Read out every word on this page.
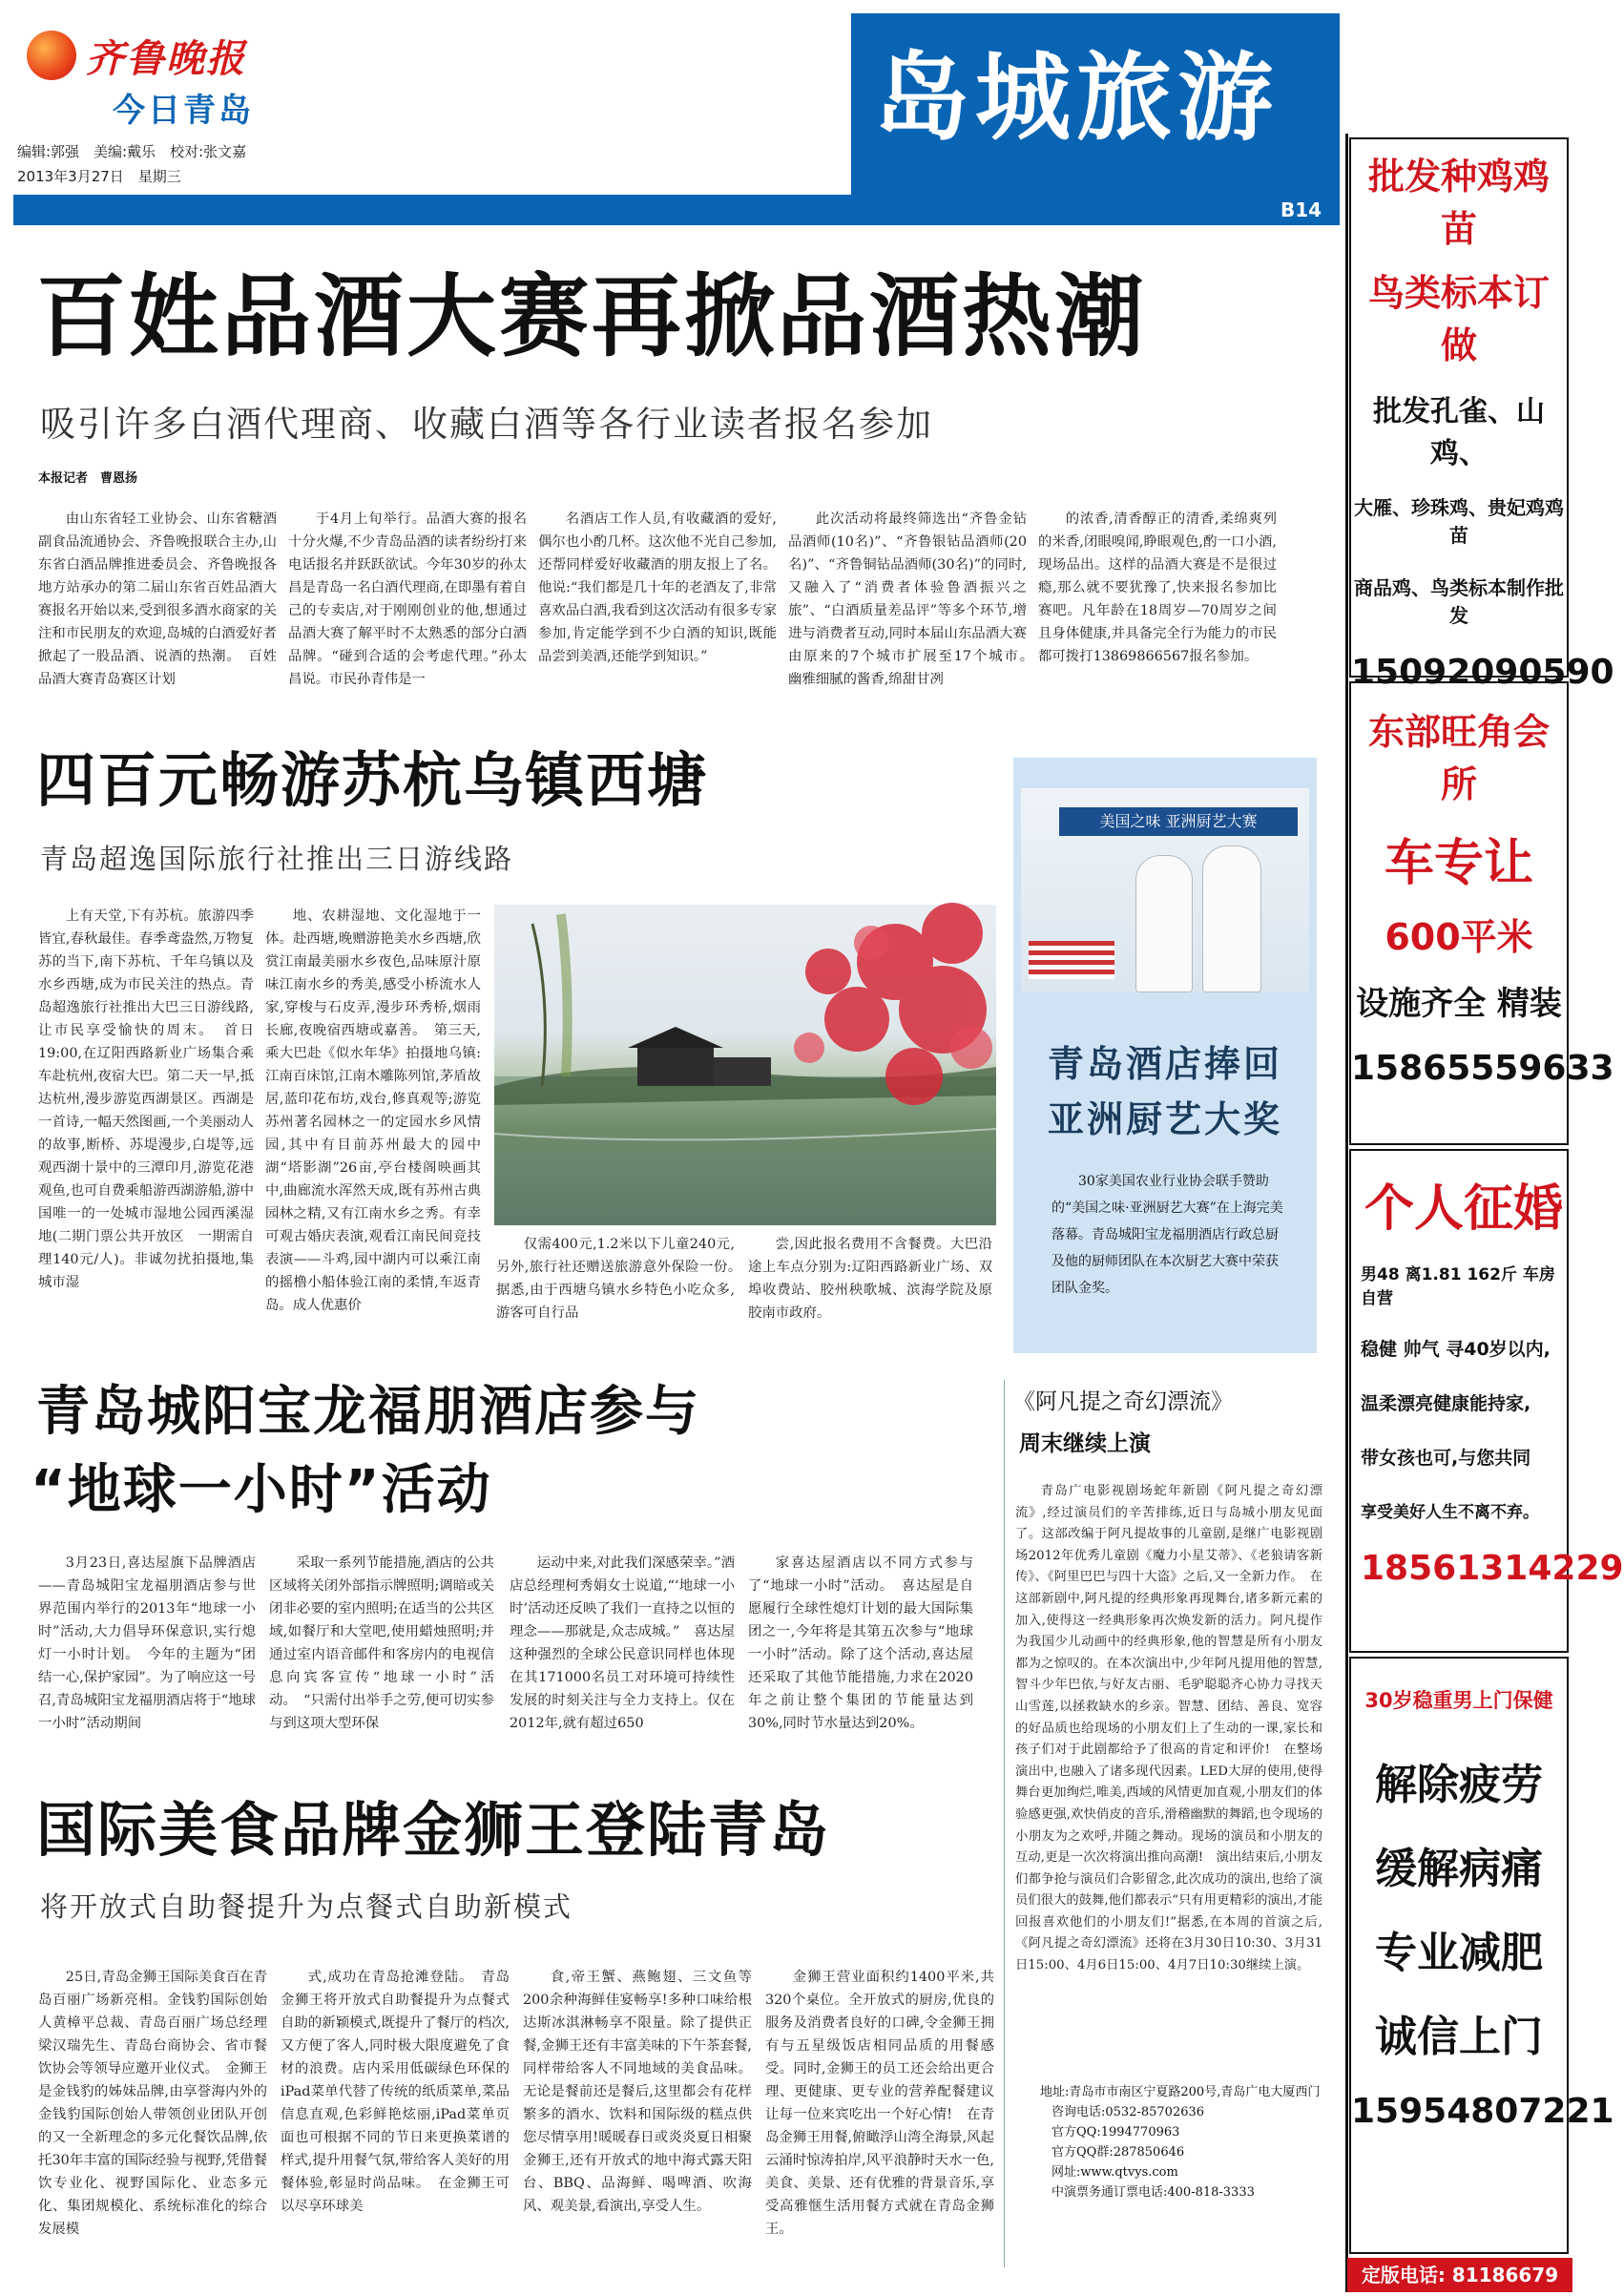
齐鲁晚报
今日青岛
编辑:郭强　美编:戴乐　校对:张文嘉
2013年3月27日　星期三
岛城旅游
B14
百姓品酒大赛再掀品酒热潮
吸引许多白酒代理商、收藏白酒等各行业读者报名参加
本报记者　曹恩扬
由山东省轻工业协会、山东省糖酒副食品流通协会、齐鲁晚报联合主办,山东省白酒品牌推进委员会、齐鲁晚报各地方站承办的第二届山东省百姓品酒大赛报名开始以来,受到很多酒水商家的关注和市民朋友的欢迎,岛城的白酒爱好者掀起了一股品酒、说酒的热潮。　百姓品酒大赛青岛赛区计划
于4月上旬举行。品酒大赛的报名十分火爆,不少青岛品酒的读者纷纷打来电话报名并跃跃欲试。今年30岁的孙太昌是青岛一名白酒代理商,在即墨有着自己的专卖店,对于刚刚创业的他,想通过品酒大赛了解平时不太熟悉的部分白酒品牌。“碰到合适的会考虑代理。”孙太昌说。市民孙青伟是一
名酒店工作人员,有收藏酒的爱好,偶尔也小酌几杯。这次他不光自己参加,还帮同样爱好收藏酒的朋友报上了名。他说:“我们都是几十年的老酒友了,非常喜欢品白酒,我看到这次活动有很多专家参加,肯定能学到不少白酒的知识,既能品尝到美酒,还能学到知识。”
此次活动将最终筛选出“齐鲁金钻品酒师(10名)”、“齐鲁银钻品酒师(20名)”、“齐鲁铜钻品酒师(30名)”的同时,又融入了“消费者体验鲁酒振兴之旅”、“白酒质量差品评”等多个环节,增进与消费者互动,同时本届山东品酒大赛由原来的7个城市扩展至17个城市。　幽雅细腻的酱香,绵甜甘冽
的浓香,清香醇正的清香,柔绵爽列的米香,闭眼嗅闻,睁眼观色,酌一口小酒,现场品出。这样的品酒大赛是不是很过瘾,那么就不要犹豫了,快来报名参加比赛吧。凡年龄在18周岁—70周岁之间且身体健康,并具备完全行为能力的市民都可拨打13869866567报名参加。
四百元畅游苏杭乌镇西塘
青岛超逸国际旅行社推出三日游线路
上有天堂,下有苏杭。旅游四季皆宜,春秋最佳。春季鸢盎然,万物复苏的当下,南下苏杭、千年乌镇以及水乡西塘,成为市民关注的热点。青岛超逸旅行社推出大巴三日游线路,让市民享受愉快的周末。　首日19:00,在辽阳西路新业广场集合乘车赴杭州,夜宿大巴。第二天一早,抵达杭州,漫步游览西湖景区。西湖是一首诗,一幅天然图画,一个美丽动人的故事,断桥、苏堤漫步,白堤等,远观西湖十景中的三潭印月,游览花港观鱼,也可自费乘船游西湖游船,游中国唯一的一处城市湿地公园西溪湿地(二期门票公共开放区　一期需自理140元/人)。非诚勿扰拍摄地,集城市湿
地、农耕湿地、文化湿地于一体。赴西塘,晚赠游艳美水乡西塘,欣赏江南最美丽水乡夜色,品味原汁原味江南水乡的秀美,感受小桥流水人家,穿梭与石皮弄,漫步环秀桥,烟雨长廊,夜晚宿西塘或嘉善。　第三天,乘大巴赴《似水年华》拍摄地乌镇:江南百床馆,江南木雕陈列馆,茅盾故居,蓝印花布坊,戏台,修真观等;游览苏州著名园林之一的定园水乡风情园,其中有目前苏州最大的园中湖“塔影湖”26亩,亭台楼阁映画其中,曲廊流水浑然天成,既有苏州古典园林之精,又有江南水乡之秀。有幸可观古婚庆表演,观看江南民间竞技表演——斗鸡,园中湖内可以乘江南的摇橹小船体验江南的柔情,车返青岛。成人优惠价
仅需400元,1.2米以下儿童240元,另外,旅行社还赠送旅游意外保险一份。　据悉,由于西塘乌镇水乡特色小吃众多,游客可自行品
尝,因此报名费用不含餐费。大巴沿途上车点分别为:辽阳西路新业广场、双埠收费站、胶州秧歌城、滨海学院及原胶南市政府。
美国之味 亚洲厨艺大赛
青岛酒店捧回
亚洲厨艺大奖
30家美国农业行业协会联手赞助的“美国之味·亚洲厨艺大赛”在上海完美落幕。青岛城阳宝龙福朋酒店行政总厨及他的厨师团队在本次厨艺大赛中荣获团队金奖。
青岛城阳宝龙福朋酒店参与
“地球一小时”活动
3月23日,喜达屋旗下品牌酒店——青岛城阳宝龙福朋酒店参与世界范围内举行的2013年“地球一小时”活动,大力倡导环保意识,实行熄灯一小时计划。　今年的主题为“团结一心,保护家园”。为了响应这一号召,青岛城阳宝龙福朋酒店将于“地球一小时”活动期间
采取一系列节能措施,酒店的公共区域将关闭外部指示牌照明;调暗或关闭非必要的室内照明;在适当的公共区域,如餐厅和大堂吧,使用蜡烛照明;并通过室内语音邮件和客房内的电视信息向宾客宣传“地球一小时”活动。　“只需付出举手之劳,便可切实参与到这项大型环保
运动中来,对此我们深感荣幸。”酒店总经理柯秀娟女士说道,“‘地球一小时’活动还反映了我们一直持之以恒的理念——那就是,众志成城。”　喜达屋这种强烈的全球公民意识同样也体现在其171000名员工对环境可持续性发展的时刻关注与全力支持上。仅在2012年,就有超过650
家喜达屋酒店以不同方式参与了“地球一小时”活动。　喜达屋是自愿履行全球性熄灯计划的最大国际集团之一,今年将是其第五次参与“地球一小时”活动。除了这个活动,喜达屋还采取了其他节能措施,力求在2020年之前让整个集团的节能量达到30%,同时节水量达到20%。
国际美食品牌金狮王登陆青岛
将开放式自助餐提升为点餐式自助新模式
25日,青岛金狮王国际美食百在青岛百丽广场新亮相。金钱豹国际创始人黄樟平总裁、青岛百丽广场总经理梁汉瑞先生、青岛台商协会、省市餐饮协会等领导应邀开业仪式。　金狮王是金钱豹的姊妹品牌,由享誉海内外的金钱豹国际创始人带领创业团队开创的又一全新理念的多元化餐饮品牌,依托30年丰富的国际经验与视野,凭借餐饮专业化、视野国际化、业态多元化、集团规模化、系统标准化的综合发展模
式,成功在青岛抢滩登陆。　青岛金狮王将开放式自助餐提升为点餐式自助的新颖模式,既提升了餐厅的档次,又方便了客人,同时极大限度避免了食材的浪费。店内采用低碳绿色环保的iPad菜单代替了传统的纸质菜单,菜品信息直观,色彩鲜艳炫丽,iPad菜单页面也可根据不同的节日来更换菜谱的样式,提升用餐气氛,带给客人美好的用餐体验,彰显时尚品味。　在金狮王可以尽享环球美
食,帝王蟹、燕鲍翅、三文鱼等200余种海鲜佳宴畅享!多种口味给根达斯冰淇淋畅享不限量。除了提供正餐,金狮王还有丰富美味的下午茶套餐,同样带给客人不同地域的美食品味。无论是餐前还是餐后,这里都会有花样繁多的酒水、饮料和国际级的糕点供您尽情享用!暖暖春日或炎炎夏日相聚金狮王,还有开放式的地中海式露天阳台、BBQ、品海鲜、喝啤酒、吹海风、观美景,看演出,享受人生。
金狮王营业面积约1400平米,共320个桌位。全开放式的厨房,优良的服务及消费者良好的口碑,令金狮王拥有与五星级饭店相同品质的用餐感受。同时,金狮王的员工还会给出更合理、更健康、更专业的营养配餐建议让每一位来宾吃出一个好心情!　在青岛金狮王用餐,俯瞰浮山湾全海景,风起云涌时惊涛拍岸,风平浪静时天水一色,美食、美景、还有优雅的背景音乐,享受高雅惬生活用餐方式就在青岛金狮王。
《阿凡提之奇幻漂流》
周末继续上演
青岛广电影视剧场蛇年新剧《阿凡提之奇幻漂流》,经过演员们的辛苦排练,近日与岛城小朋友见面了。这部改编于阿凡提故事的儿童剧,是继广电影视剧场2012年优秀儿童剧《魔力小星艾蒂》、《老狼请客新传》、《阿里巴巴与四十大盗》之后,又一全新力作。　在这部新剧中,阿凡提的经典形象再现舞台,诸多新元素的加入,使得这一经典形象再次焕发新的活力。阿凡提作为我国少儿动画中的经典形象,他的智慧是所有小朋友都为之惊叹的。在本次演出中,少年阿凡提用他的智慧,智斗少年巴依,与好友古丽、毛驴聪聪齐心协力寻找天山雪莲,以拯救缺水的乡亲。智慧、团结、善良、宽容的好品质也给现场的小朋友们上了生动的一课,家长和孩子们对于此剧都给予了很高的肯定和评价!　在整场演出中,也融入了诸多现代因素。LED大屏的使用,使得舞台更加绚烂,唯美,西域的风情更加直观,小朋友们的体验感更强,欢快俏皮的音乐,滑稽幽默的舞蹈,也令现场的小朋友为之欢呼,并随之舞动。现场的演员和小朋友的互动,更是一次次将演出推向高潮!　演出结束后,小朋友们都争抢与演员们合影留念,此次成功的演出,也给了演员们很大的鼓舞,他们都表示“只有用更精彩的演出,才能回报喜欢他们的小朋友们!”据悉,在本周的首演之后,《阿凡提之奇幻漂流》还将在3月30日10:30、3月31日15:00、4月6日15:00、4月7日10:30继续上演。
地址:青岛市市南区宁夏路200号,青岛广电大厦西门
咨询电话:0532-85702636
官方QQ:1994770963
官方QQ群:287850646
网址:www.qtvys.com
中演票务通订票电话:400-818-3333
批发种鸡鸡苗
鸟类标本订做
批发孔雀、山鸡、
大雁、珍珠鸡、贵妃鸡鸡苗
商品鸡、鸟类标本制作批发
15092090590
东部旺角会所
车专让
600平米
设施齐全 精装
15865559633
个人征婚
男48 离1.81 162斤 车房自营
稳健 帅气 寻40岁以内,
温柔漂亮健康能持家,
带女孩也可,与您共同
享受美好人生不离不弃。
18561314229
30岁稳重男上门保健
解除疲劳
缓解病痛
专业减肥
诚信上门
15954807221
定版电话: 81186679
